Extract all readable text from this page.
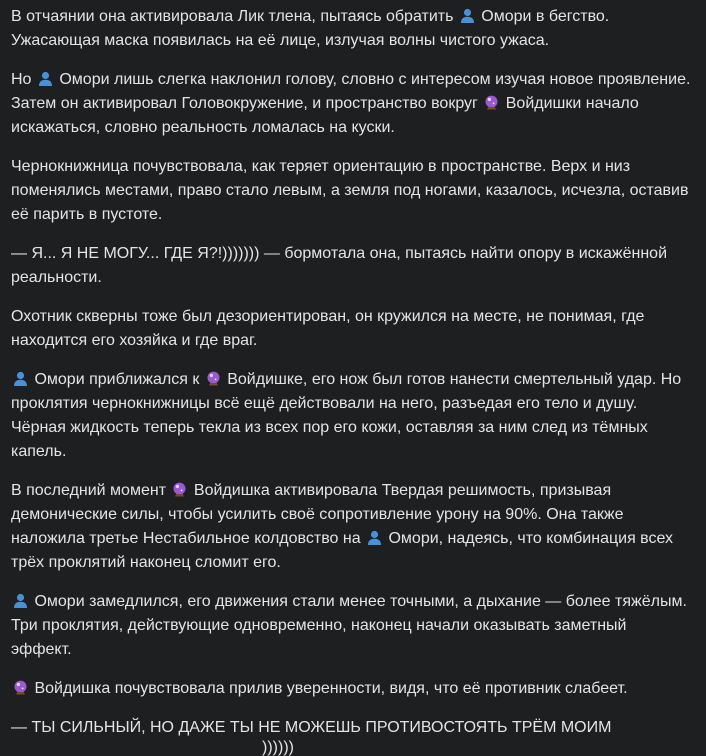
В отчаянии она активировала Лик тлена, пытаясь обратить
Омори в бегство. Ужасающая маска появилась на её лице, излучая волны чистого ужаса.

Но
Омори лишь слегка наклонил голову, словно с интересом изучая новое проявление. Затем он активировал Головокружение, и пространство вокруг
Войдишки начало искажаться, словно реальность ломалась на куски.

Чернокнижница почувствовала, как теряет ориентацию в пространстве. Верх и низ поменялись местами, право стало левым, а земля под ногами, казалось, исчезла, оставив её парить в пустоте.

— Я... Я НЕ МОГУ... ГДЕ Я?!))))))) — бормотала она, пытаясь найти опору в искажённой реальности.

Охотник скверны тоже был дезориентирован, он кружился на месте, не понимая, где находится его хозяйка и где враг.

Омори приближался к
Войдишке, его нож был готов нанести смертельный удар. Но проклятия чернокнижницы всё ещё действовали на него, разъедая его тело и душу. Чёрная жидкость теперь текла из всех пор его кожи, оставляя за ним след из тёмных капель.

В последний момент
Войдишка активировала Твердая решимость, призывая демонические силы, чтобы усилить своё сопротивление урону на 90%. Она также наложила третье Нестабильное колдовство на
Омори, надеясь, что комбинация всех трёх проклятий наконец сломит его.

Омори замедлился, его движения стали менее точными, а дыхание — более тяжёлым. Три проклятия, действующие одновременно, наконец начали оказывать заметный эффект.

Войдишка почувствовала прилив уверенности, видя, что её противник слабеет.

— ТЫ СИЛЬНЫЙ, НО ДАЖЕ ТЫ НЕ МОЖЕШЬ ПРОТИВОСТОЯТЬ ТРЁМ МОИМ

))))))
